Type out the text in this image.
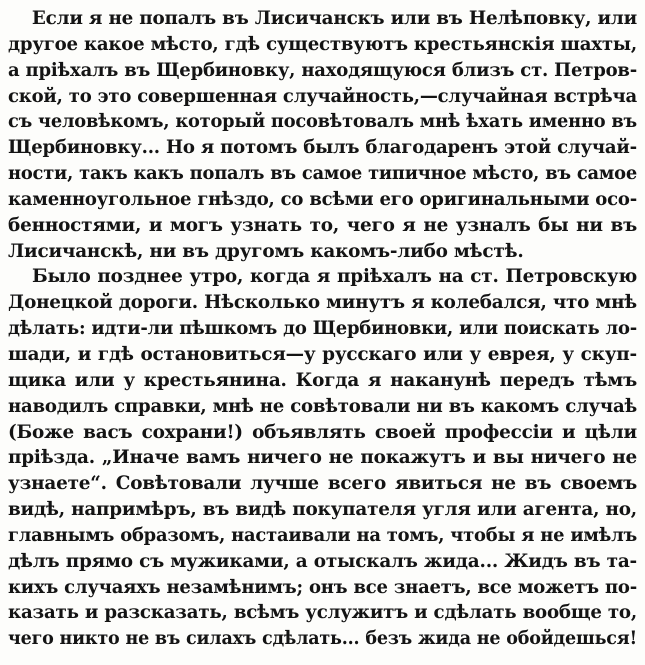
Если я не попалъ въ Лисичанскъ или въ Нелѣповку, или
другое какое мѣсто, гдѣ существуютъ крестьянскія шахты,
а пріѣхалъ въ Щербиновку, находящуюся близъ ст. Петров-
ской, то это совершенная случайность,—случайная встрѣча
съ человѣкомъ, который посовѣтовалъ мнѣ ѣхать именно въ
Щербиновку... Но я потомъ былъ благодаренъ этой случай-
ности, такъ какъ попалъ въ самое типичное мѣсто, въ самое
каменноугольное гнѣздо, со всѣми его оригинальными осо-
бенностями, и могъ узнать то, чего я не узналъ бы ни въ
Лисичанскѣ, ни въ другомъ какомъ-либо мѣстѣ.
Было позднее утро, когда я пріѣхалъ на ст. Петровскую
Донецкой дороги. Нѣсколько минутъ я колебался, что мнѣ
дѣлать: идти-ли пѣшкомъ до Щербиновки, или поискать ло-
шади, и гдѣ остановиться—у русскаго или у еврея, у скуп-
щика или у крестьянина. Когда я наканунѣ передъ тѣмъ
наводилъ справки, мнѣ не совѣтовали ни въ какомъ случаѣ
(Боже васъ сохрани!) объявлять своей профессіи и цѣли
пріѣзда. „Иначе вамъ ничего не покажутъ и вы ничего не
узнаете“. Совѣтовали лучше всего явиться не въ своемъ
видѣ, напримѣръ, въ видѣ покупателя угля или агента, но,
главнымъ образомъ, настаивали на томъ, чтобы я не имѣлъ
дѣлъ прямо съ мужиками, а отыскалъ жида... Жидъ въ та-
кихъ случаяхъ незамѣнимъ; онъ все знаетъ, все можетъ по-
казать и разсказать, всѣмъ услужитъ и сдѣлать вообще то,
чего никто не въ силахъ сдѣлать... безъ жида не обойдешься!
